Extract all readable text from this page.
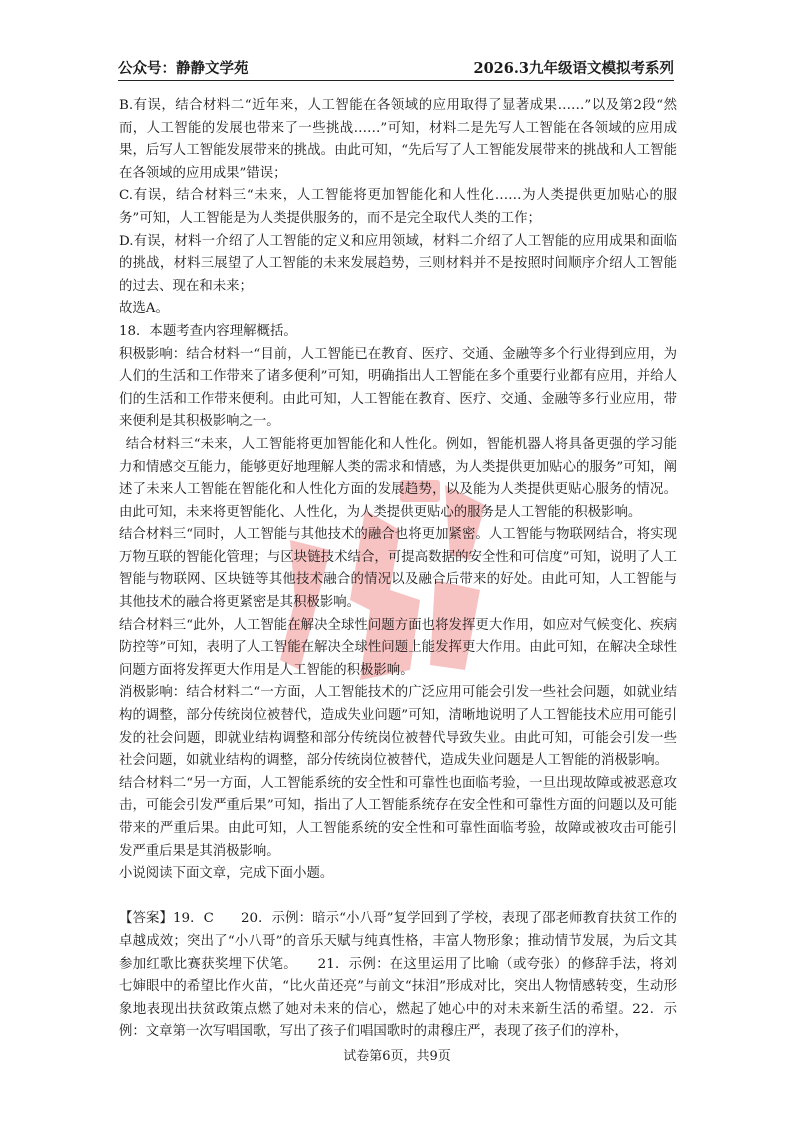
公众号：静静文学苑	2026.3九年级语文模拟考系列

B.有误，结合材料二“近年来，人工智能在各领域的应用取得了显著成果……”以及第2段“然而，人工智能的发展也带来了一些挑战……”可知，材料二是先写人工智能在各领域的应用成果，后写人工智能发展带来的挑战。由此可知，“先后写了人工智能发展带来的挑战和人工智能在各领域的应用成果”错误；

C.有误，结合材料三“未来，人工智能将更加智能化和人性化……为人类提供更加贴心的服务”可知，人工智能是为人类提供服务的，而不是完全取代人类的工作；

D.有误，材料一介绍了人工智能的定义和应用领域，材料二介绍了人工智能的应用成果和面临的挑战，材料三展望了人工智能的未来发展趋势，三则材料并不是按照时间顺序介绍人工智能的过去、现在和未来；

故选A。

18．本题考查内容理解概括。

积极影响：结合材料一“目前，人工智能已在教育、医疗、交通、金融等多个行业得到应用，为人们的生活和工作带来了诸多便利”可知，明确指出人工智能在多个重要行业都有应用，并给人们的生活和工作带来便利。由此可知，人工智能在教育、医疗、交通、金融等多行业应用，带来便利是其积极影响之一。

结合材料三“未来，人工智能将更加智能化和人性化。例如，智能机器人将具备更强的学习能力和情感交互能力，能够更好地理解人类的需求和情感，为人类提供更加贴心的服务”可知，阐述了未来人工智能在智能化和人性化方面的发展趋势，以及能为人类提供更贴心服务的情况。由此可知，未来将更智能化、人性化，为人类提供更贴心的服务是人工智能的积极影响。

结合材料三“同时，人工智能与其他技术的融合也将更加紧密。人工智能与物联网结合，将实现万物互联的智能化管理；与区块链技术结合，可提高数据的安全性和可信度”可知，说明了人工智能与物联网、区块链等其他技术融合的情况以及融合后带来的好处。由此可知，人工智能与其他技术的融合将更紧密是其积极影响。

结合材料三“此外，人工智能在解决全球性问题方面也将发挥更大作用，如应对气候变化、疾病防控等”可知，表明了人工智能在解决全球性问题上能发挥更大作用。由此可知，在解决全球性问题方面将发挥更大作用是人工智能的积极影响。

消极影响：结合材料二“一方面，人工智能技术的广泛应用可能会引发一些社会问题，如就业结构的调整，部分传统岗位被替代，造成失业问题”可知，清晰地说明了人工智能技术应用可能引发的社会问题，即就业结构调整和部分传统岗位被替代导致失业。由此可知，可能会引发一些社会问题，如就业结构的调整，部分传统岗位被替代，造成失业问题是人工智能的消极影响。

结合材料二“另一方面，人工智能系统的安全性和可靠性也面临考验，一旦出现故障或被恶意攻击，可能会引发严重后果”可知，指出了人工智能系统存在安全性和可靠性方面的问题以及可能带来的严重后果。由此可知，人工智能系统的安全性和可靠性面临考验，故障或被攻击可能引发严重后果是其消极影响。

小说阅读下面文章，完成下面小题。

【答案】19．C　　20．示例：暗示“小八哥”复学回到了学校，表现了邵老师教育扶贫工作的卓越成效；突出了“小八哥”的音乐天赋与纯真性格，丰富人物形象；推动情节发展，为后文其参加红歌比赛获奖埋下伏笔。　　21．示例：在这里运用了比喻（或夸张）的修辞手法，将刘七婶眼中的希望比作火苗，“比火苗还亮”与前文“抹泪”形成对比，突出人物情感转变，生动形象地表现出扶贫政策点燃了她对未来的信心，燃起了她心中的对未来新生活的希望。22．示例：文章第一次写唱国歌，写出了孩子们唱国歌时的肃穆庄严，表现了孩子们的淳朴，

试卷第6页，共9页
